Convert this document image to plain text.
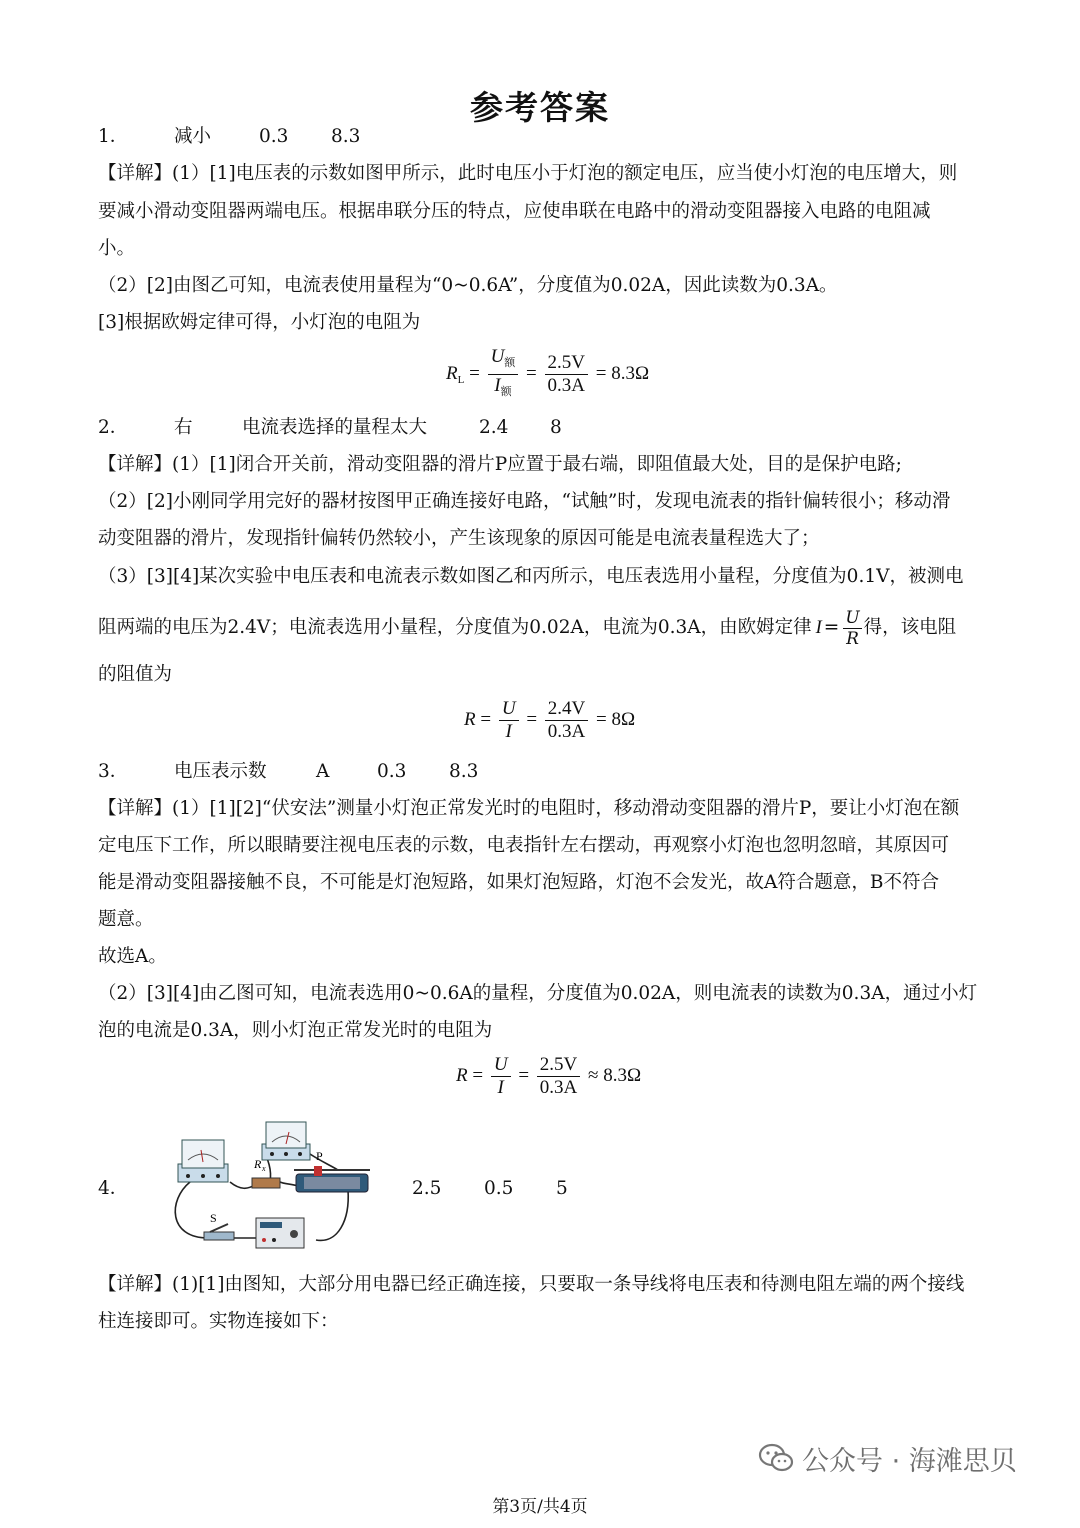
参考答案
1． 减小	0.3 8.3
【详解】(1）[1]电压表的示数如图甲所示，此时电压小于灯泡的额定电压，应当使小灯泡的电压增大，则
要减小滑动变阻器两端电压。根据串联分压的特点，应使串联在电路中的滑动变阻器接入电路的电阻减
小。
（2）[2]由图乙可知，电流表使用量程为“0~0.6A”，分度值为0.02A，因此读数为0.3A。
[3]根据欧姆定律可得，小灯泡的电阻为
$R_L = \frac{U_额}{I_额} = \frac{2.5V}{0.3A} = 8.3\Omega$
2． 右	电流表选择的量程太大	2.4 8
【详解】(1）[1]闭合开关前，滑动变阻器的滑片P应置于最右端，即阻值最大处，目的是保护电路;
（2）[2]小刚同学用完好的器材按图甲正确连接好电路，“试触”时，发现电流表的指针偏转很小；移动滑
动变阻器的滑片，发现指针偏转仍然较小，产生该现象的原因可能是电流表量程选大了；
（3）[3][4]某次实验中电压表和电流表示数如图乙和丙所示，电压表选用小量程，分度值为0.1V，被测电
阻两端的电压为2.4V；电流表选用小量程，分度值为0.02A，电流为0.3A，由欧姆定律 $I = \frac{U}{R}$ 得，该电阻
的阻值为
$R = \frac{U}{I} = \frac{2.4V}{0.3A} = 8\Omega$
3． 电压表示数	A	0.3 8.3
【详解】(1）[1][2]“伏安法”测量小灯泡正常发光时的电阻时，移动滑动变阻器的滑片P，要让小灯泡在额
定电压下工作，所以眼睛要注视电压表的示数，电表指针左右摆动，再观察小灯泡也忽明忽暗，其原因可
能是滑动变阻器接触不良，不可能是灯泡短路，如果灯泡短路，灯泡不会发光，故A符合题意，B不符合
题意。
故选A。
（2）[3][4]由乙图可知，电流表选用0~0.6A的量程，分度值为0.02A，则电流表的读数为0.3A，通过小灯
泡的电流是0.3A，则小灯泡正常发光时的电阻为
$R = \frac{U}{I} = \frac{2.5V}{0.3A} \approx 8.3\Omega$
4．	2.5 0.5 5
R x
P
S
【详解】(1)[1]由图知，大部分用电器已经正确连接，只要取一条导线将电压表和待测电阻左端的两个接线
柱连接即可。实物连接如下：
公众号 · 海滩思贝
第3页/共4页
